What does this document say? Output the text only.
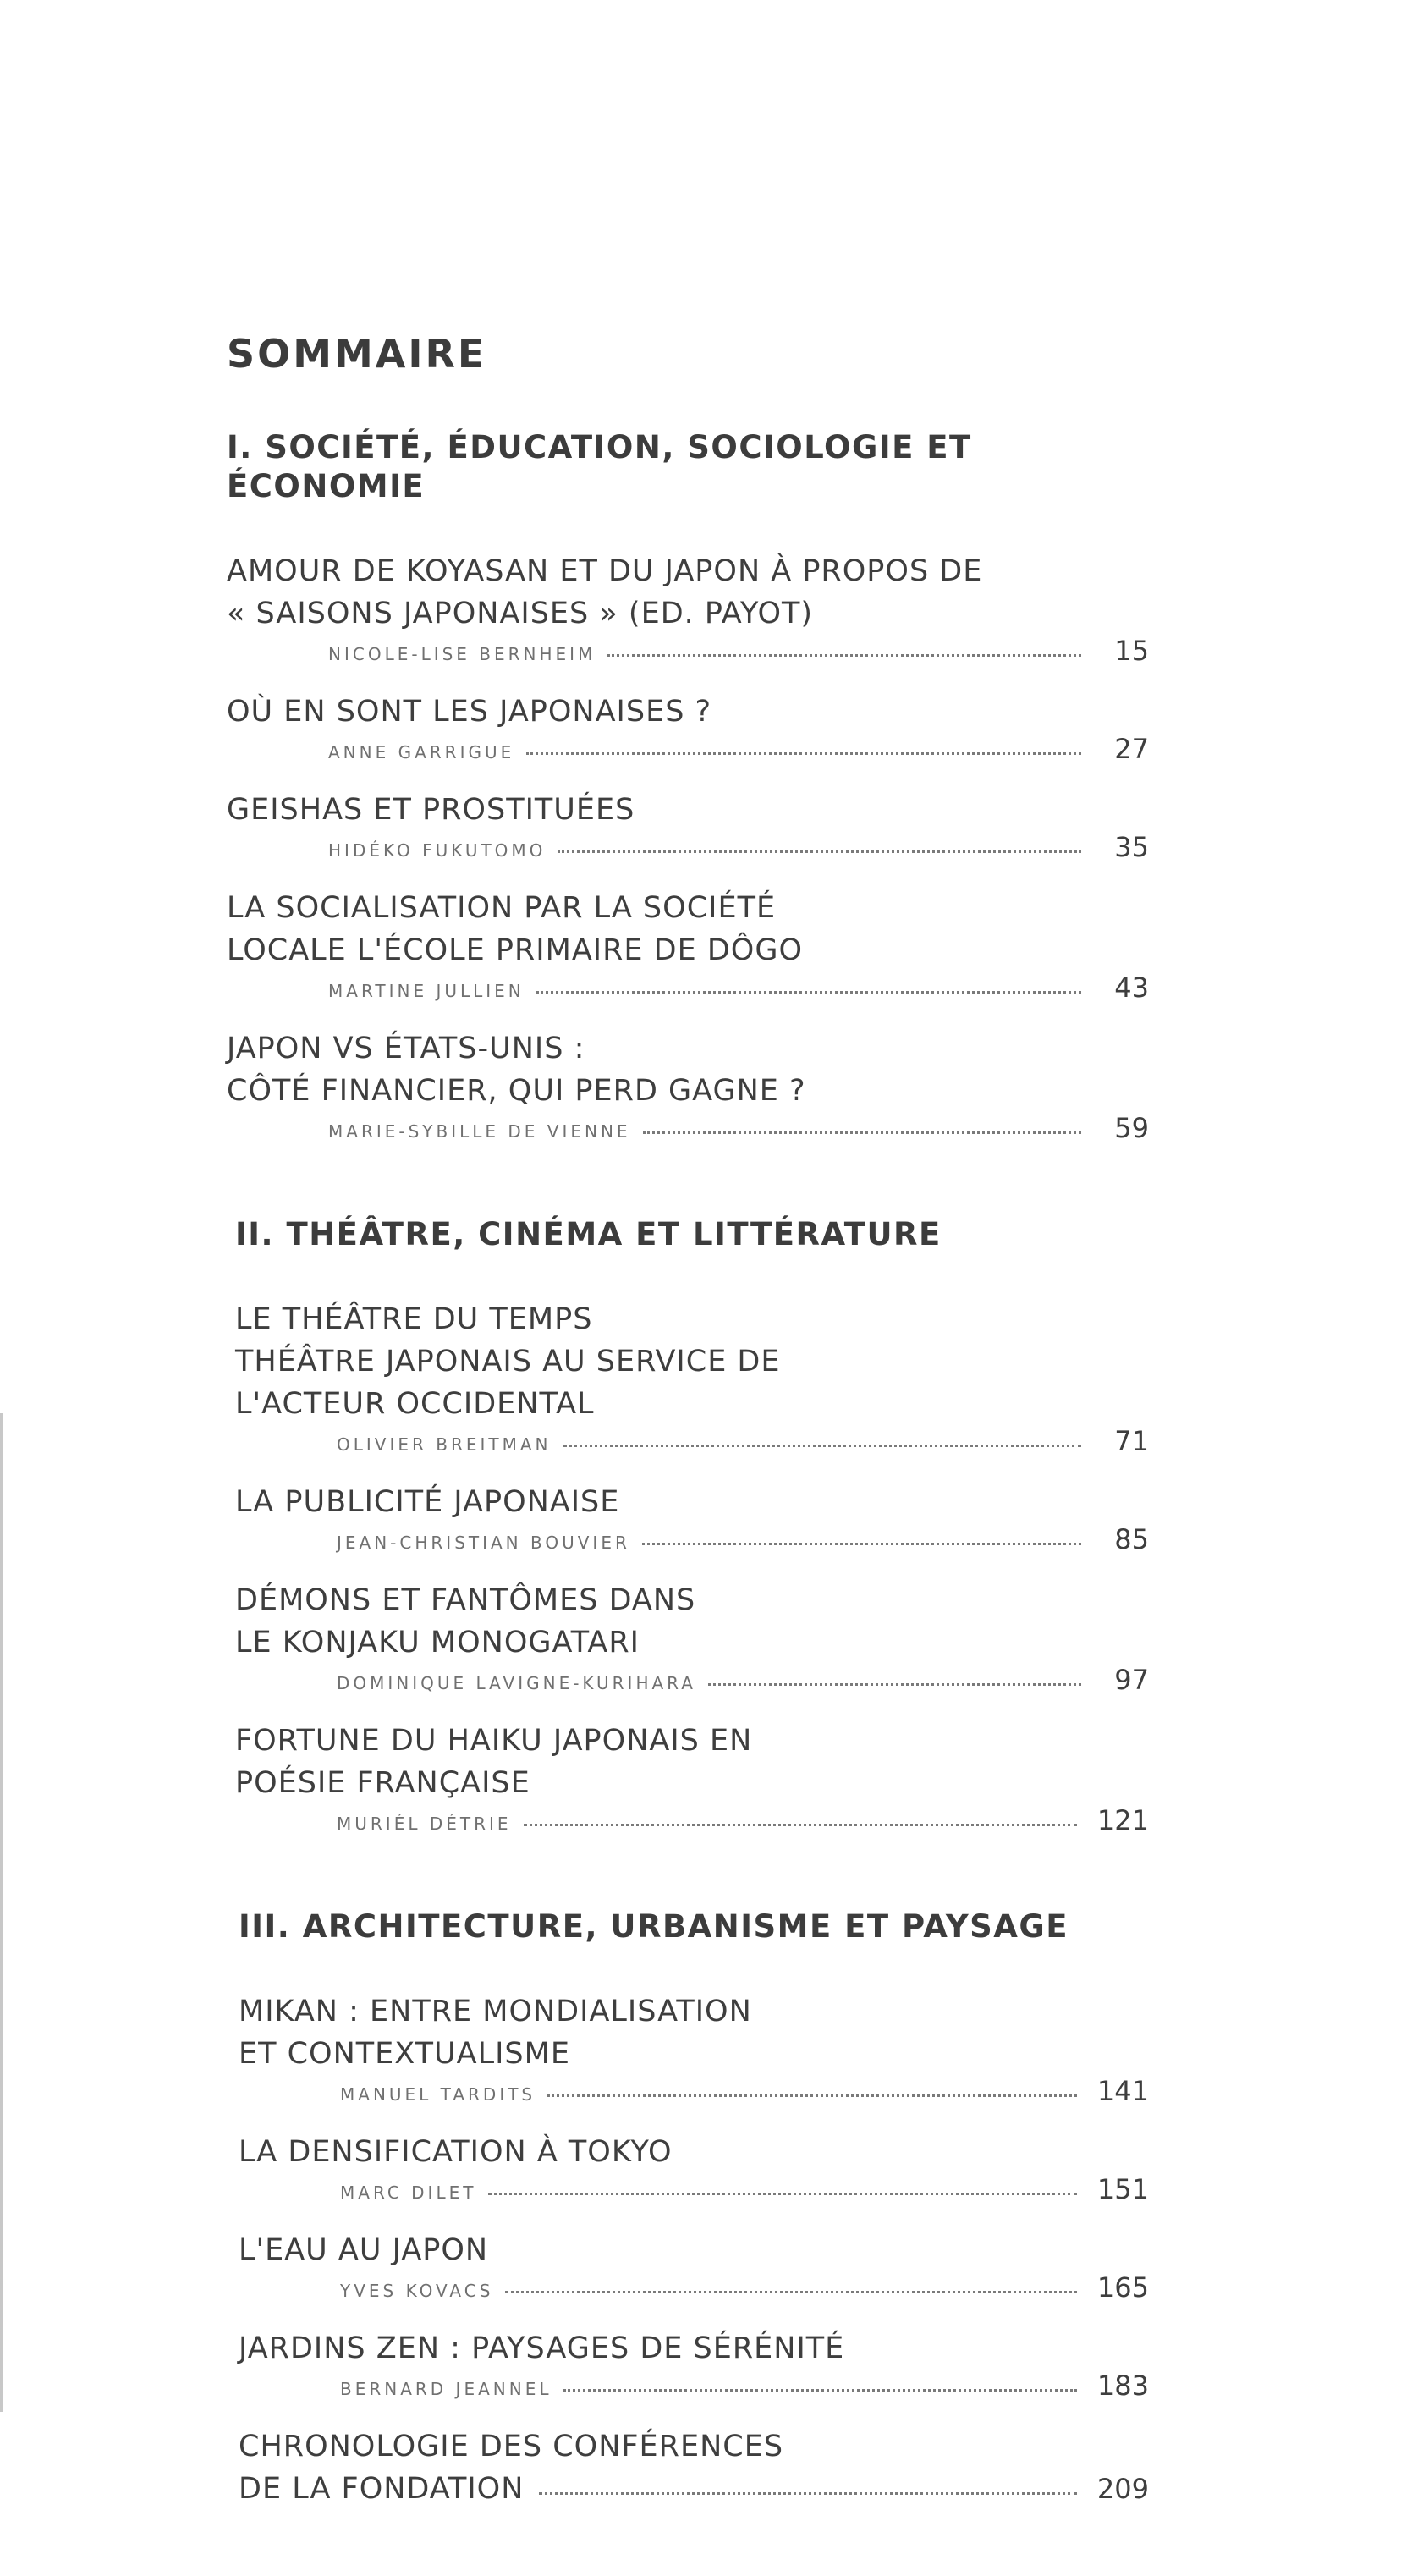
SOMMAIRE
I. SOCIÉTÉ, ÉDUCATION, SOCIOLOGIE ET
ÉCONOMIE
AMOUR DE KOYASAN ET DU JAPON À PROPOS DE
« SAISONS JAPONAISES » (ED. PAYOT)
NICOLE-LISE BERNHEIM	15
OÙ EN SONT LES JAPONAISES ?
ANNE GARRIGUE	27
GEISHAS ET PROSTITUÉES
HIDÉKO FUKUTOMO	35
LA SOCIALISATION PAR LA SOCIÉTÉ
LOCALE L'ÉCOLE PRIMAIRE DE DÔGO
MARTINE JULLIEN	43
JAPON VS ÉTATS-UNIS :
CÔTÉ FINANCIER, QUI PERD GAGNE ?
MARIE-SYBILLE DE VIENNE	59
II. THÉÂTRE, CINÉMA ET LITTÉRATURE
LE THÉÂTRE DU TEMPS
THÉÂTRE JAPONAIS AU SERVICE DE
L'ACTEUR OCCIDENTAL
OLIVIER BREITMAN	71
LA PUBLICITÉ JAPONAISE
JEAN-CHRISTIAN BOUVIER	85
DÉMONS ET FANTÔMES DANS
LE KONJAKU MONOGATARI
DOMINIQUE LAVIGNE-KURIHARA	97
FORTUNE DU HAIKU JAPONAIS EN
POÉSIE FRANÇAISE
MURIÉL DÉTRIE	121
III. ARCHITECTURE, URBANISME ET PAYSAGE
MIKAN : ENTRE MONDIALISATION
ET CONTEXTUALISME
MANUEL TARDITS	141
LA DENSIFICATION À TOKYO
MARC DILET	151
L'EAU AU JAPON
YVES KOVACS	165
JARDINS ZEN : PAYSAGES DE SÉRÉNITÉ
BERNARD JEANNEL	183
CHRONOLOGIE DES CONFÉRENCES
DE LA FONDATION	209
